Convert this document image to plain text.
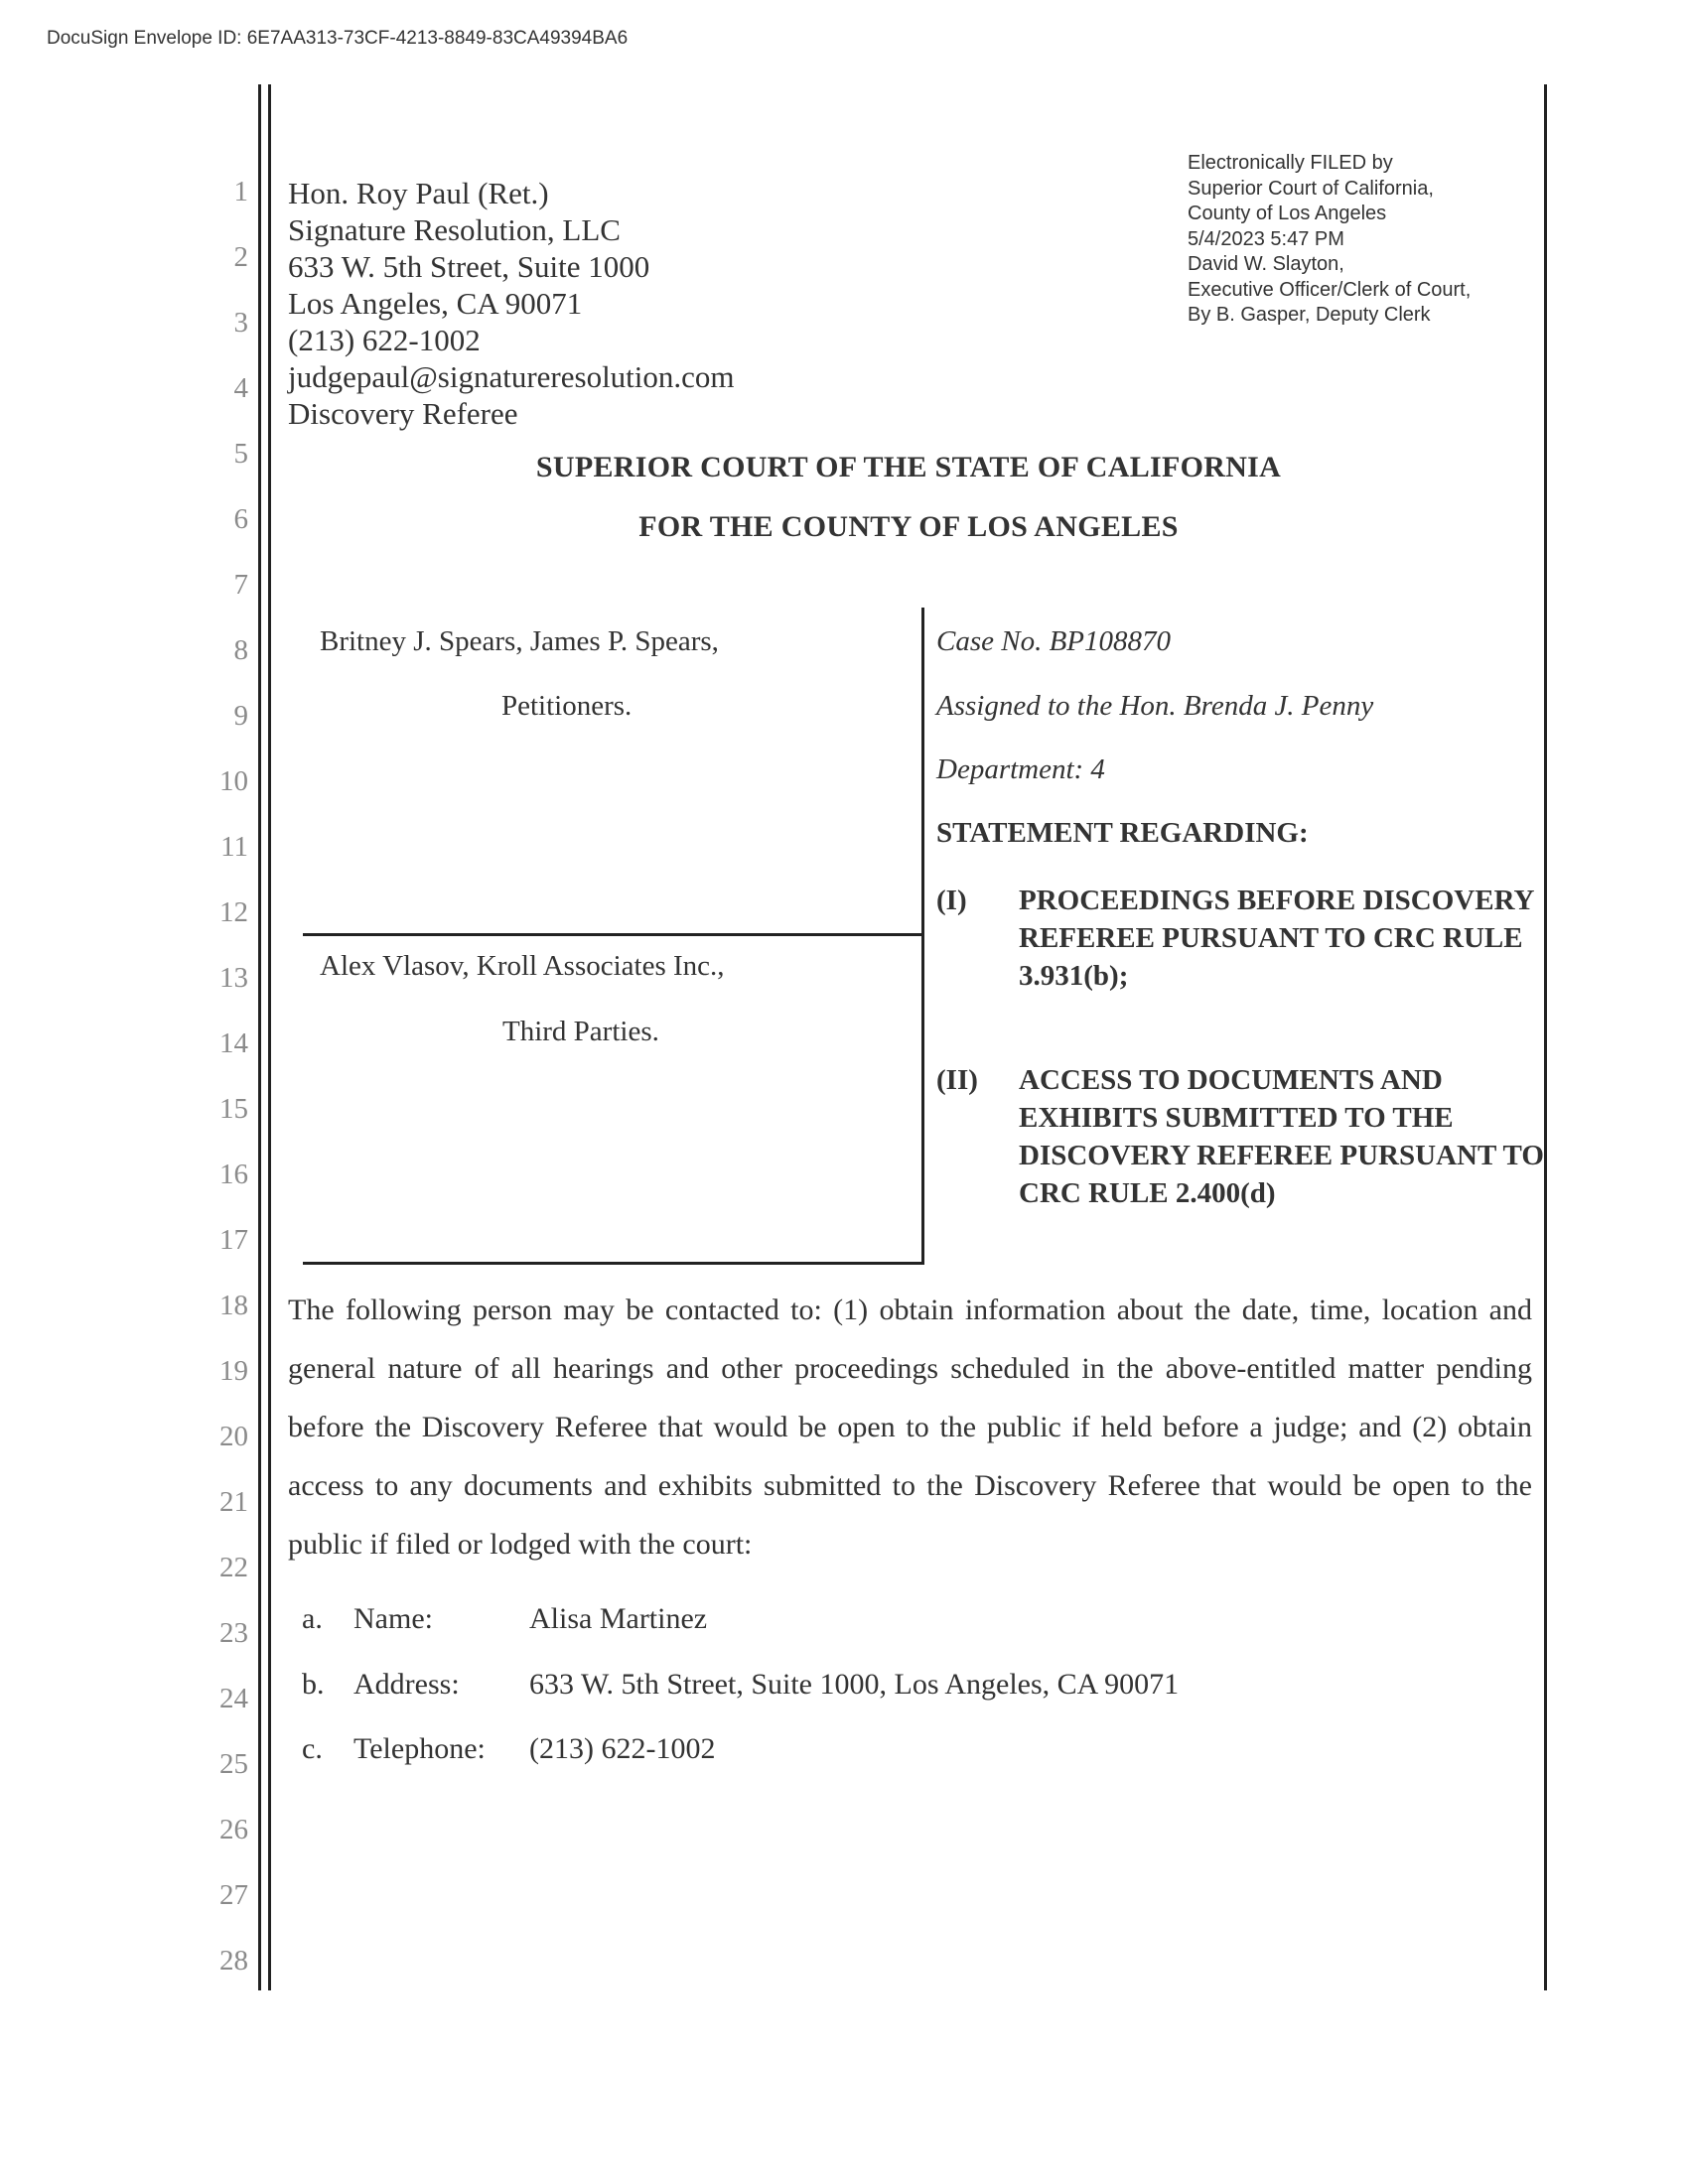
DocuSign Envelope ID: 6E7AA313-73CF-4213-8849-83CA49394BA6
1
2
3
4
5
6
7
8
9
10
11
12
13
14
15
16
17
18
19
20
21
22
23
24
25
26
27
28
Electronically FILED by
Superior Court of California,
County of Los Angeles
5/4/2023 5:47 PM
David W. Slayton,
Executive Officer/Clerk of Court,
By B. Gasper, Deputy Clerk
Hon. Roy Paul (Ret.)
Signature Resolution, LLC
633 W. 5th Street, Suite 1000
Los Angeles, CA 90071
(213) 622-1002
judgepaul@signatureresolution.com
Discovery Referee
SUPERIOR COURT OF THE STATE OF CALIFORNIA
FOR THE COUNTY OF LOS ANGELES
Britney J. Spears, James P. Spears,
Petitioners.
Alex Vlasov, Kroll Associates Inc.,
Third Parties.
Case No. BP108870
Assigned to the Hon. Brenda J. Penny
Department: 4
STATEMENT REGARDING:
(I) PROCEEDINGS BEFORE DISCOVERY REFEREE PURSUANT TO CRC RULE 3.931(b);
(II) ACCESS TO DOCUMENTS AND EXHIBITS SUBMITTED TO THE DISCOVERY REFEREE PURSUANT TO CRC RULE 2.400(d)
The following person may be contacted to: (1) obtain information about the date, time, location and general nature of all hearings and other proceedings scheduled in the above-entitled matter pending before the Discovery Referee that would be open to the public if held before a judge; and (2) obtain access to any documents and exhibits submitted to the Discovery Referee that would be open to the public if filed or lodged with the court:
a. Name:	Alisa Martinez
b. Address: 633 W. 5th Street, Suite 1000, Los Angeles, CA 90071
c. Telephone: (213) 622-1002
